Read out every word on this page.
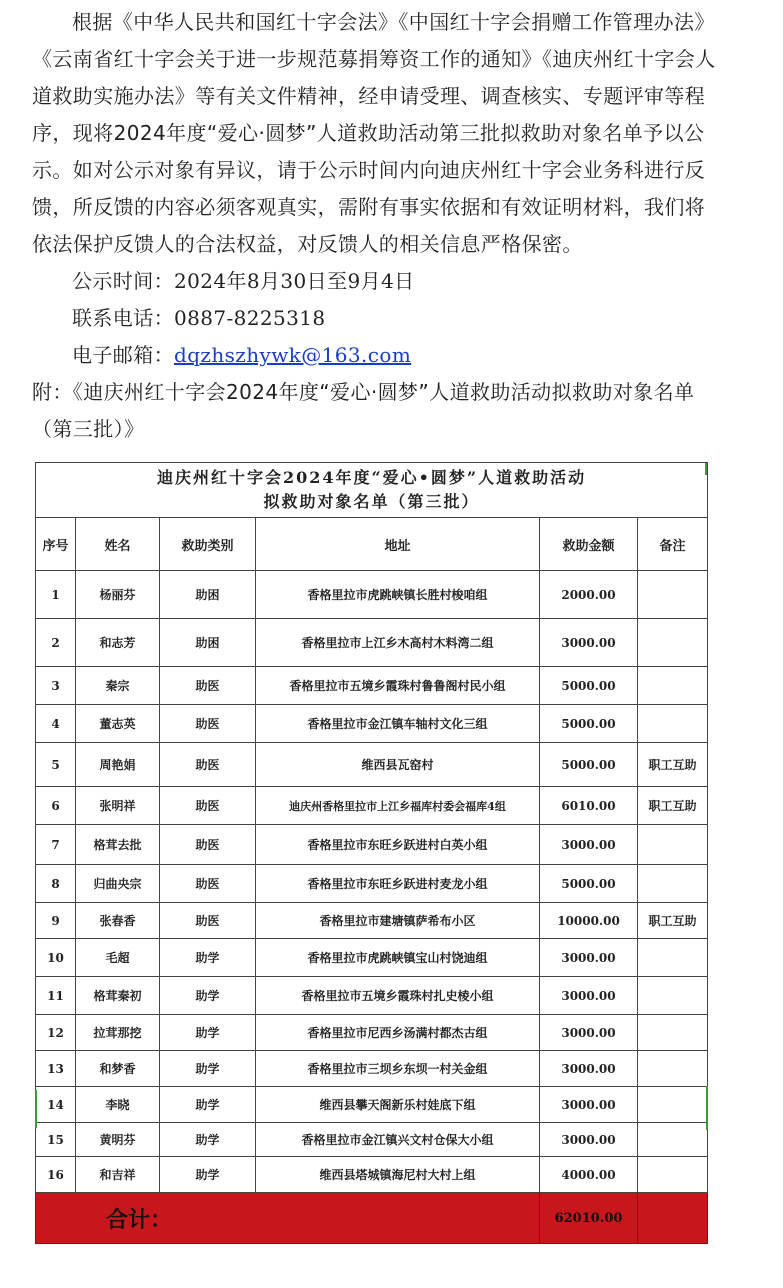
根据《中华人民共和国红十字会法》《中国红十字会捐赠工作管理办法》《云南省红十字会关于进一步规范募捐筹资工作的通知》《迪庆州红十字会人道救助实施办法》等有关文件精神，经申请受理、调查核实、专题评审等程序，现将2024年度“爱心·圆梦”人道救助活动第三批拟救助对象名单予以公示。如对公示对象有异议，请于公示时间内向迪庆州红十字会业务科进行反馈，所反馈的内容必须客观真实，需附有事实依据和有效证明材料，我们将依法保护反馈人的合法权益，对反馈人的相关信息严格保密。

公示时间：2024年8月30日至9月4日

联系电话：0887-8225318

电子邮箱：dqzhszhywk@163.com

附：《迪庆州红十字会2024年度“爱心·圆梦”人道救助活动拟救助对象名单（第三批）》

迪庆州红十字会2024年度“爱心•圆梦”人道救助活动
拟救助对象名单（第三批）					

序号	姓名	救助类别	地址	救助金额	备注
1	杨丽芬	助困	香格里拉市虎跳峡镇长胜村梭咱组	2000.00	
2	和志芳	助困	香格里拉市上江乡木高村木料湾二组	3000.00	
3	秦宗	助医	香格里拉市五境乡霞珠村鲁鲁阁村民小组	5000.00	
4	董志英	助医	香格里拉市金江镇车轴村文化三组	5000.00	
5	周艳娟	助医	维西县瓦窑村	5000.00	职工互助
6	张明祥	助医	迪庆州香格里拉市上江乡福库村委会福库4组	6010.00	职工互助
7	格茸去批	助医	香格里拉市东旺乡跃进村白英小组	3000.00	
8	归曲央宗	助医	香格里拉市东旺乡跃进村麦龙小组	5000.00	
9	张春香	助医	香格里拉市建塘镇萨希布小区	10000.00	职工互助
10	毛超	助学	香格里拉市虎跳峡镇宝山村饶迪组	3000.00	
11	格茸秦初	助学	香格里拉市五境乡霞珠村扎史棱小组	3000.00	
12	拉茸那挖	助学	香格里拉市尼西乡汤满村都杰古组	3000.00	
13	和梦香	助学	香格里拉市三坝乡东坝一村关金组	3000.00	
14	李晓	助学	维西县攀天阁新乐村娃底下组	3000.00	
15	黄明芬	助学	香格里拉市金江镇兴文村仓保大小组	3000.00	
16	和吉祥	助学	维西县塔城镇海尼村大村上组	4000.00	
合计：				62010.00	
